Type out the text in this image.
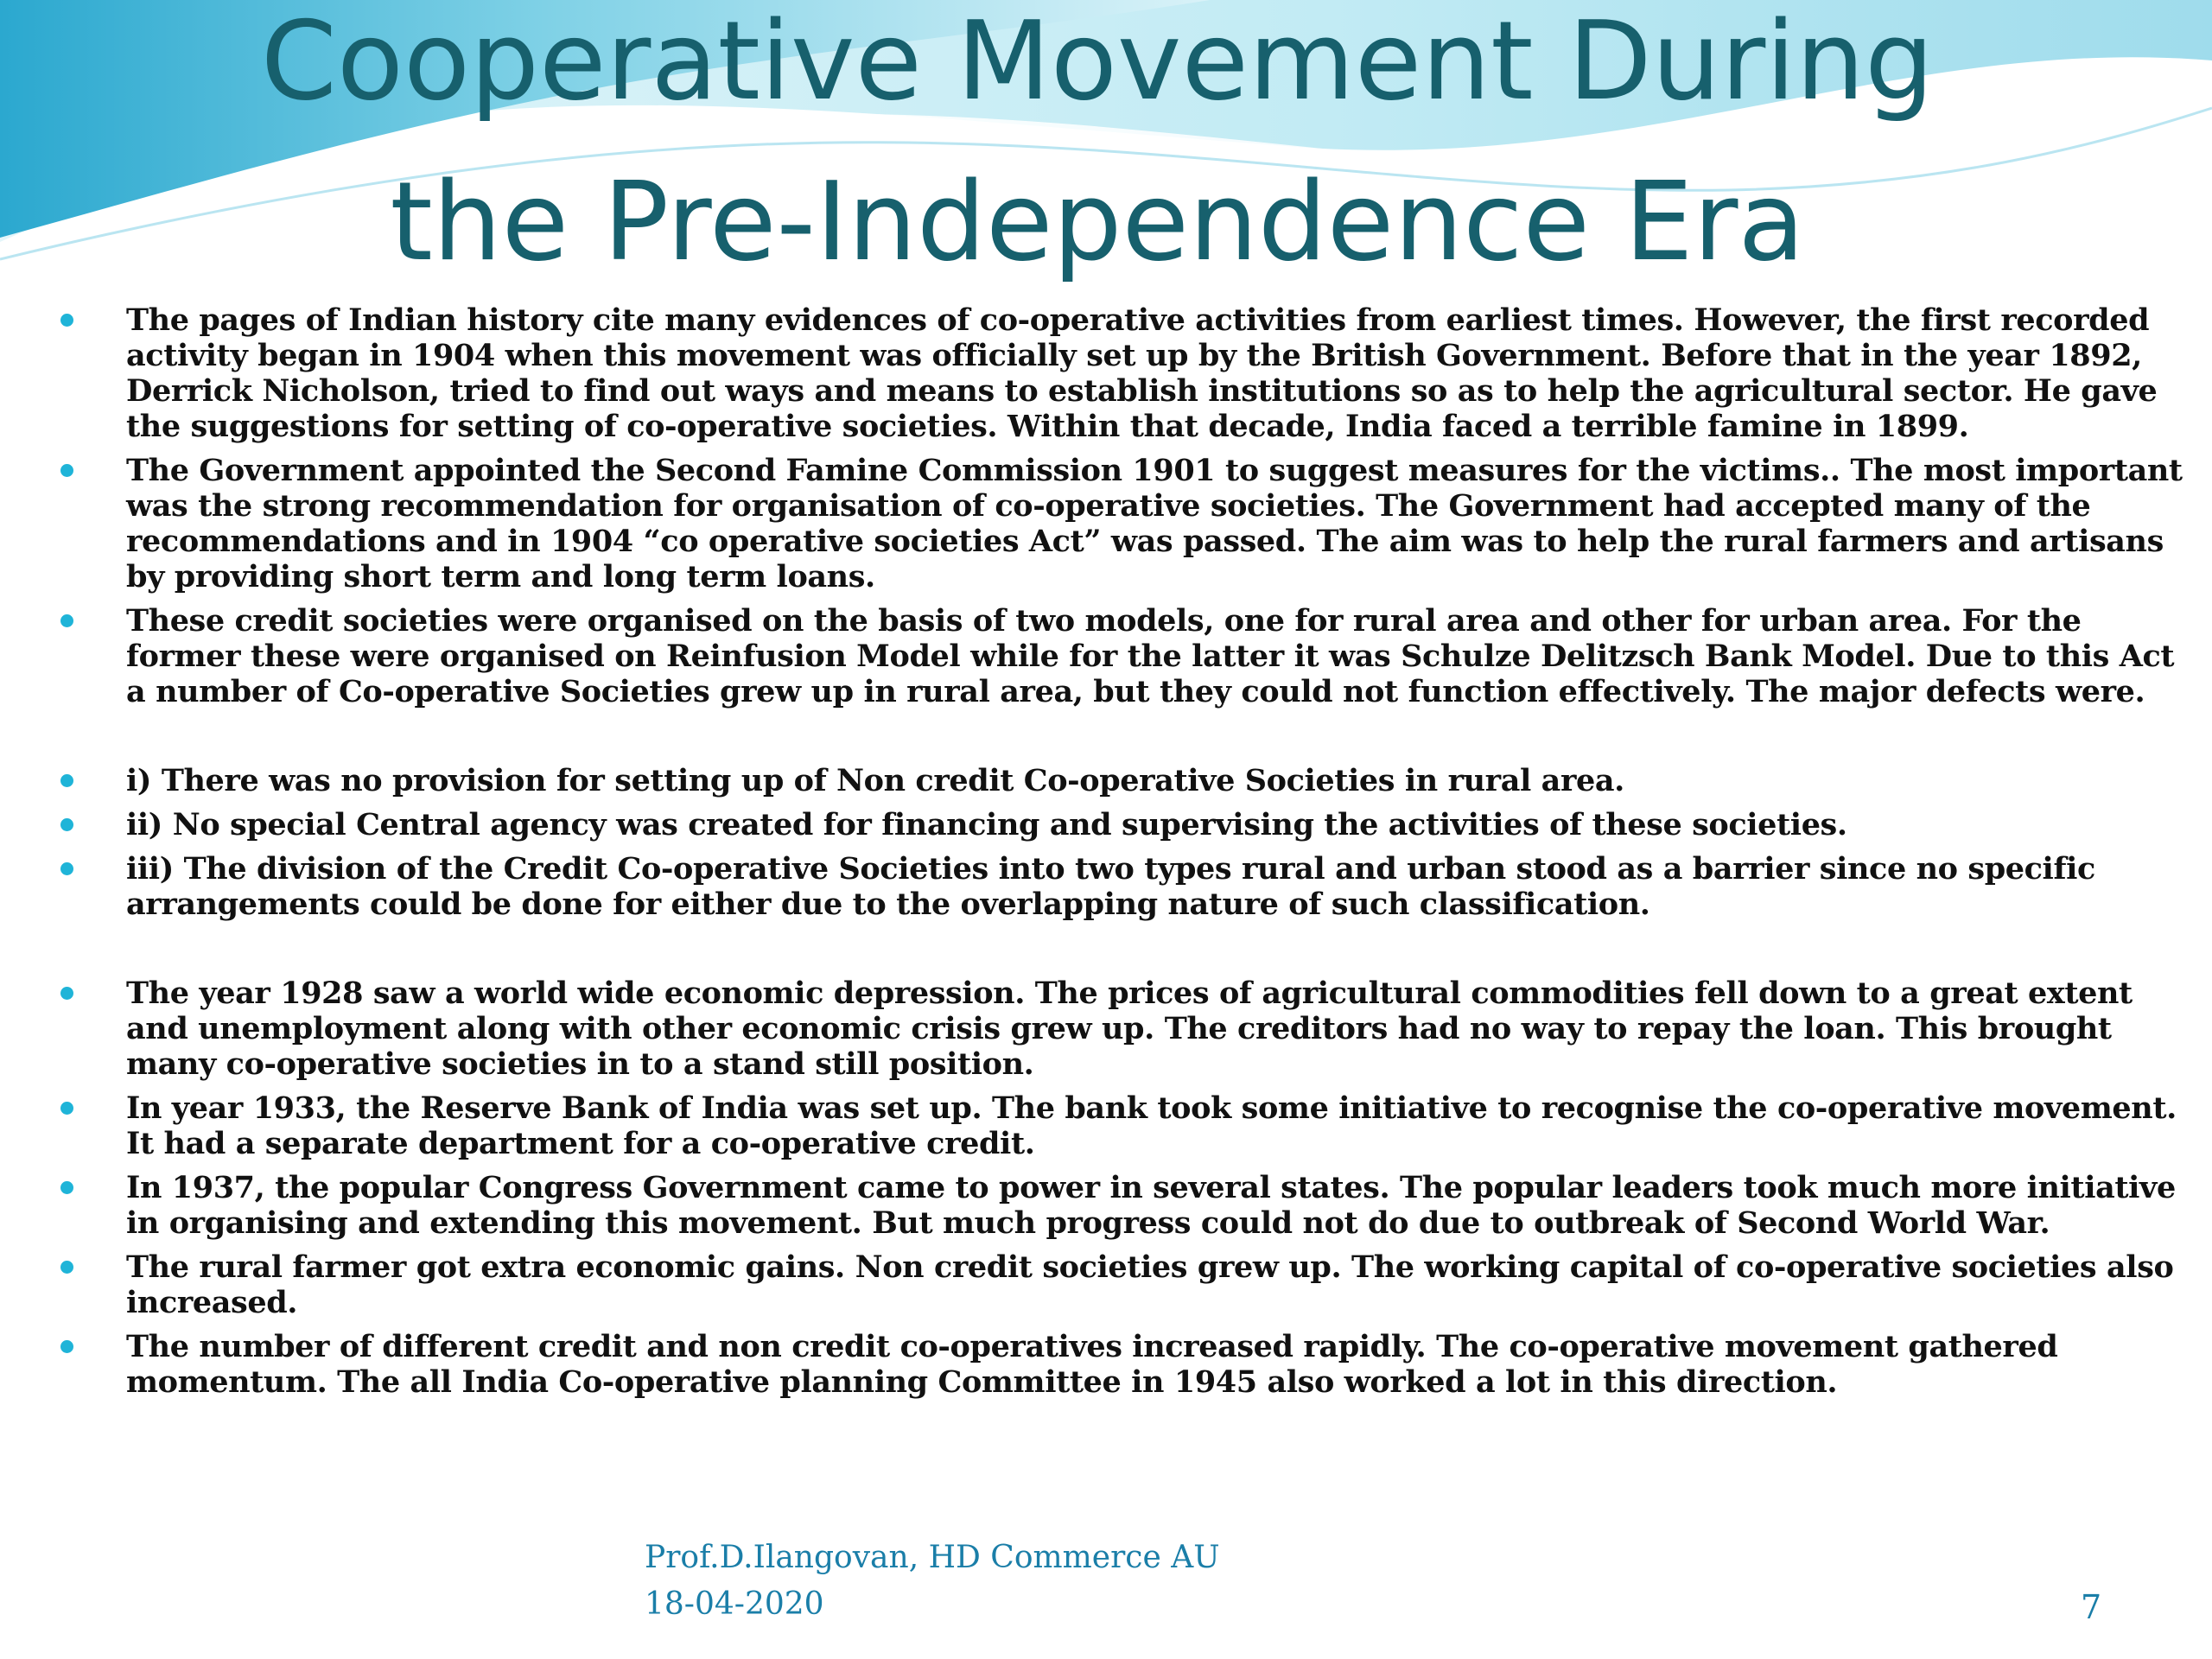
Cooperative Movement During
the Pre-Independence Era
The pages of Indian history cite many evidences of co-operative activities from earliest times. However, the first recorded activity began in 1904 when this movement was officially set up by the British Government. Before that in the year 1892, Derrick Nicholson, tried to find out ways and means to establish institutions so as to help the agricultural sector. He gave the suggestions for setting of co-operative societies. Within that decade, India faced a terrible famine in 1899.
The Government appointed the Second Famine Commission 1901 to suggest measures for the victims.. The most important was the strong recommendation for organisation of co-operative societies. The Government had accepted many of the recommendations and in 1904 “co operative societies Act” was passed. The aim was to help the rural farmers and artisans by providing short term and long term loans.
These credit societies were organised on the basis of two models, one for rural area and other for urban area. For the former these were organised on Reinfusion Model while for the latter it was Schulze Delitzsch Bank Model. Due to this Act a number of Co-operative Societies grew up in rural area, but they could not function effectively. The major defects were.
i) There was no provision for setting up of Non credit Co-operative Societies in rural area.
ii) No special Central agency was created for financing and supervising the activities of these societies.
iii) The division of the Credit Co-operative Societies into two types rural and urban stood as a barrier since no specific arrangements could be done for either due to the overlapping nature of such classification.
The year 1928 saw a world wide economic depression. The prices of agricultural commodities fell down to a great extent and unemployment along with other economic crisis grew up. The creditors had no way to repay the loan. This brought many co-operative societies in to a stand still position.
In year 1933, the Reserve Bank of India was set up. The bank took some initiative to recognise the co-operative movement. It had a separate department for a co-operative credit.
In 1937, the popular Congress Government came to power in several states. The popular leaders took much more initiative in organising and extending this movement. But much progress could not do due to outbreak of Second World War.
The rural farmer got extra economic gains. Non credit societies grew up. The working capital of co-operative societies also increased.
The number of different credit and non credit co-operatives increased rapidly. The co-operative movement gathered momentum. The all India Co-operative planning Committee in 1945 also worked a lot in this direction.
Prof.D.Ilangovan, HD Commerce AU
18-04-2020	7
